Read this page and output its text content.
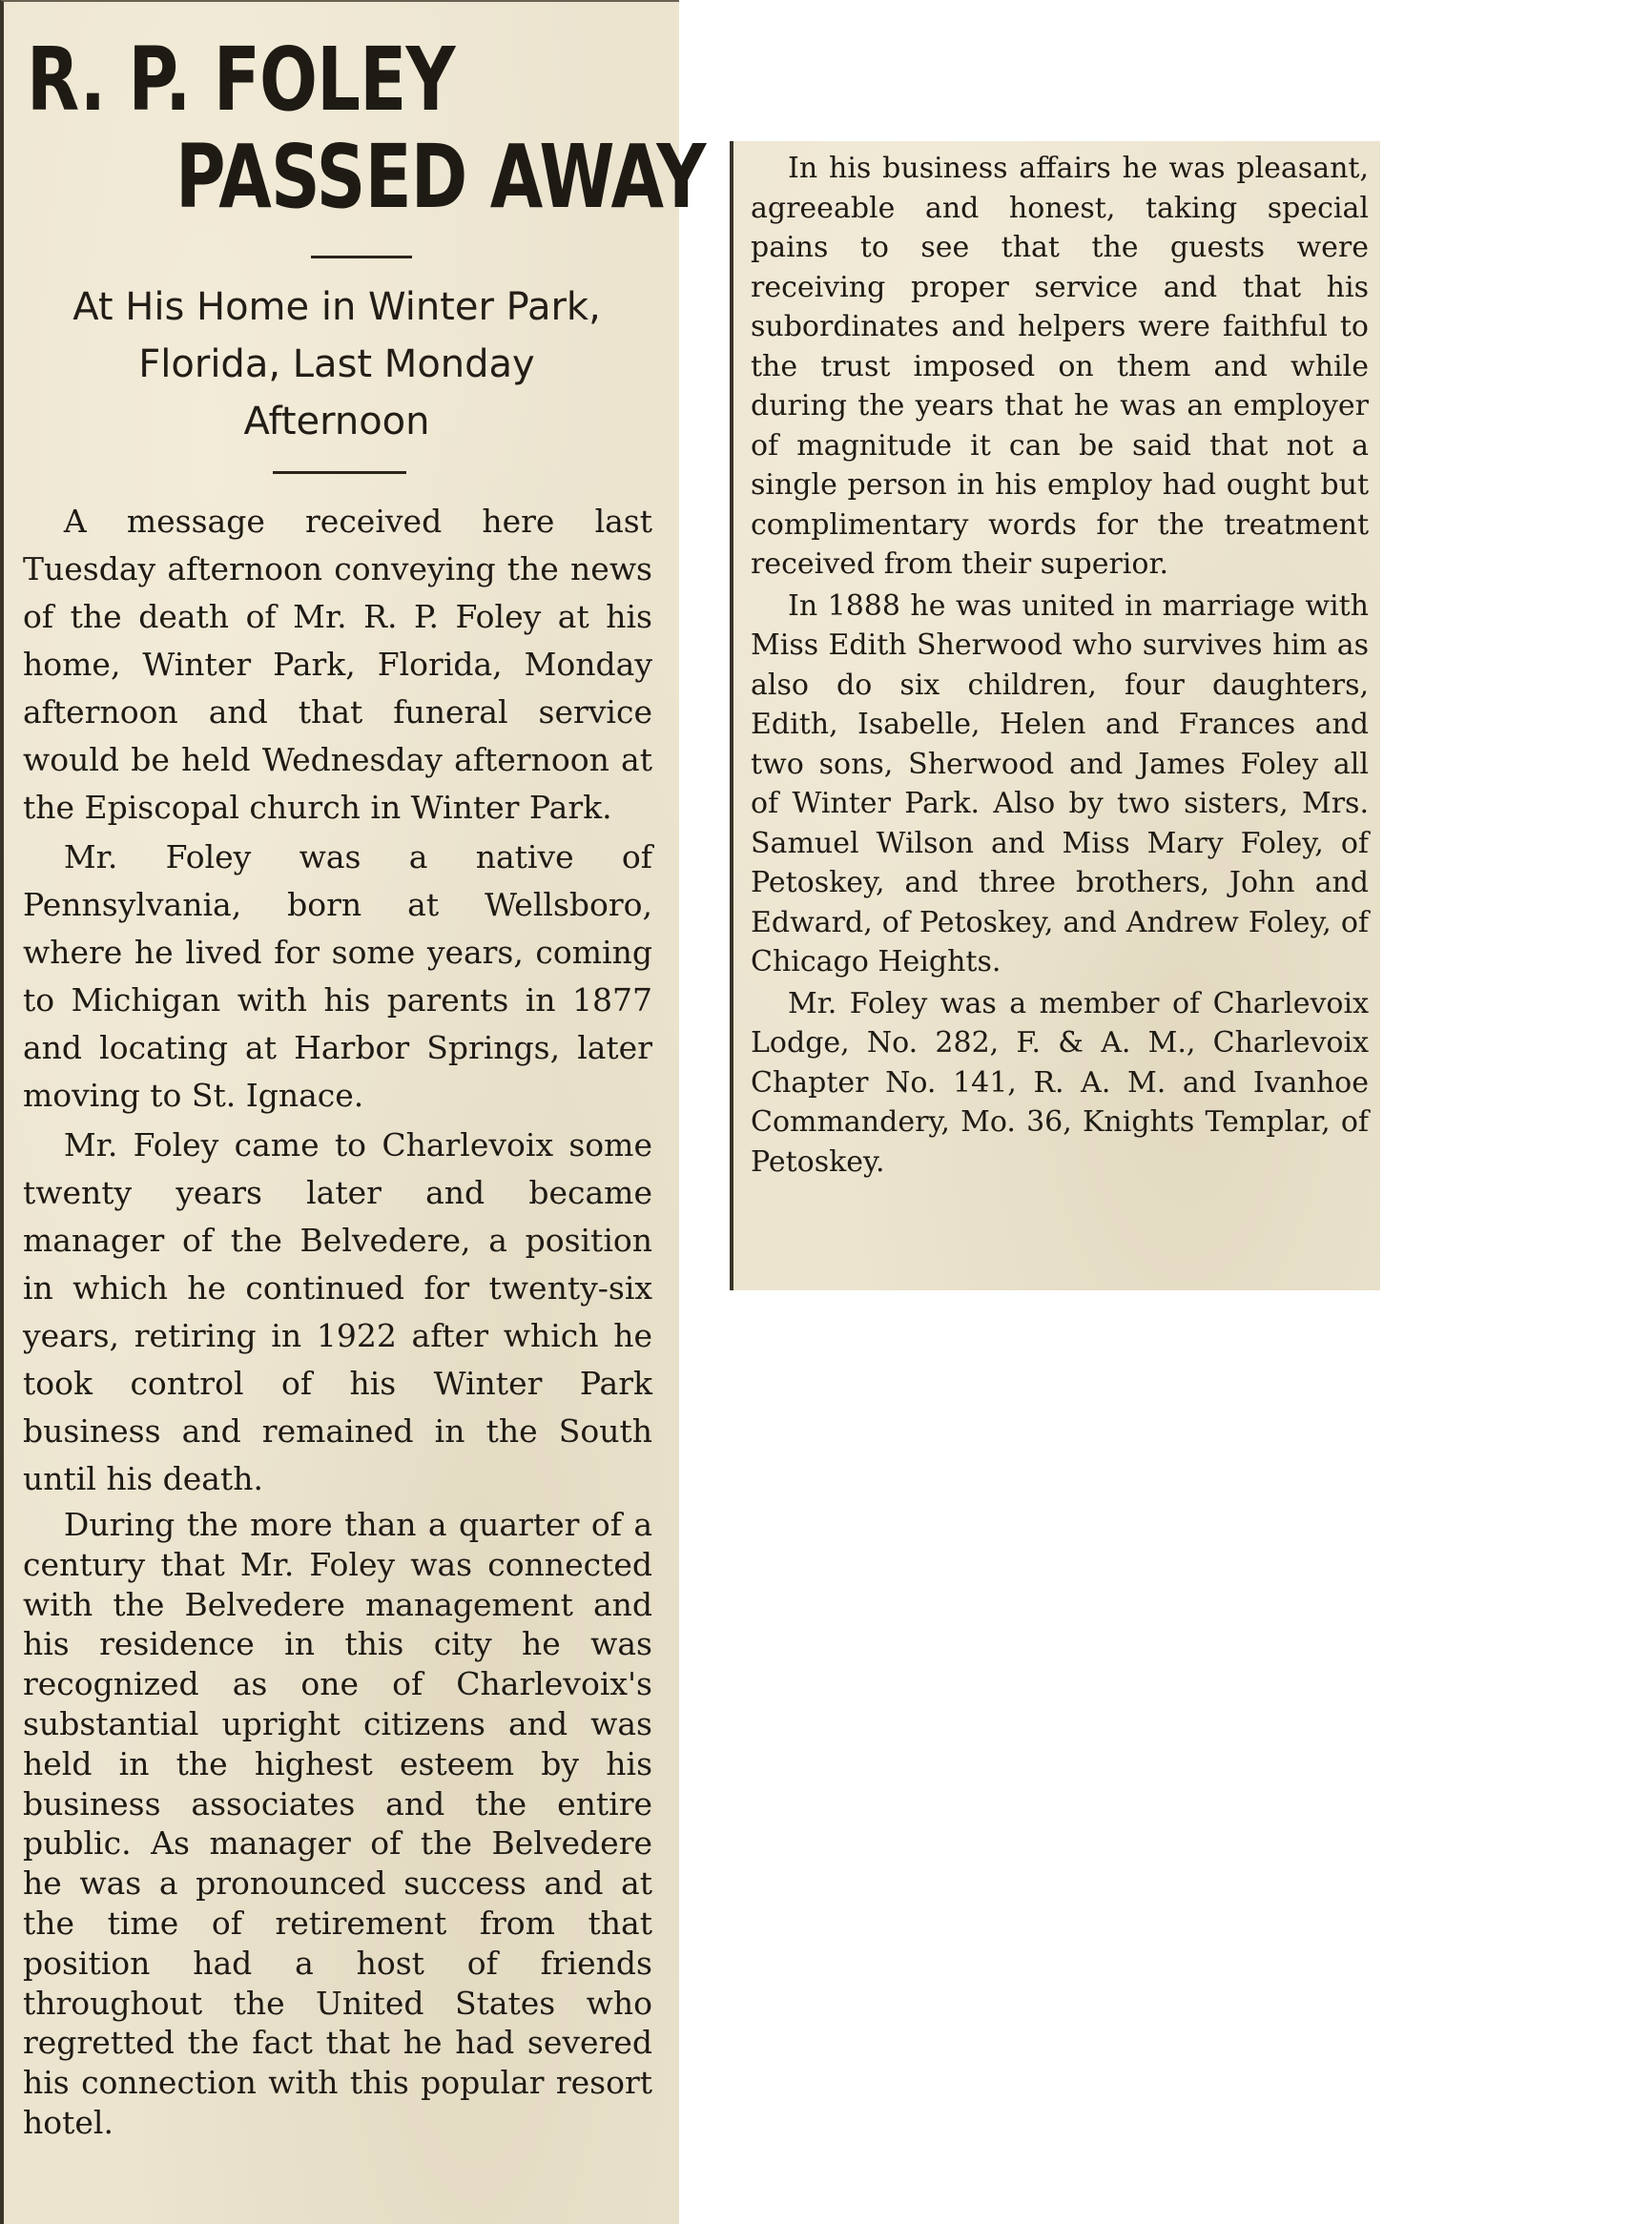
R. P. FOLEY
PASSED AWAY
At His Home in Winter Park,
Florida, Last Monday
Afternoon

A message received here last Tuesday afternoon conveying the news of the death of Mr. R. P. Foley at his home, Winter Park, Florida, Monday afternoon and that funeral service would be held Wednesday afternoon at the Episcopal church in Winter Park.

Mr. Foley was a native of Pennsylvania, born at Wellsboro, where he lived for some years, coming to Michigan with his parents in 1877 and locating at Harbor Springs, later moving to St. Ignace.

Mr. Foley came to Charlevoix some twenty years later and became manager of the Belvedere, a position in which he continued for twenty-six years, retiring in 1922 after which he took control of his Winter Park business and remained in the South until his death.

During the more than a quarter of a century that Mr. Foley was connected with the Belvedere management and his residence in this city he was recognized as one of Charlevoix's substantial upright citizens and was held in the highest esteem by his business associates and the entire public. As manager of the Belvedere he was a pronounced success and at the time of retirement from that position had a host of friends throughout the United States who regretted the fact that he had severed his connection with this popular resort hotel.

In his business affairs he was pleasant, agreeable and honest, taking special pains to see that the guests were receiving proper service and that his subordinates and helpers were faithful to the trust imposed on them and while during the years that he was an employer of magnitude it can be said that not a single person in his employ had ought but complimentary words for the treatment received from their superior.

In 1888 he was united in marriage with Miss Edith Sherwood who survives him as also do six children, four daughters, Edith, Isabelle, Helen and Frances and two sons, Sherwood and James Foley all of Winter Park. Also by two sisters, Mrs. Samuel Wilson and Miss Mary Foley, of Petoskey, and three brothers, John and Edward, of Petoskey, and Andrew Foley, of Chicago Heights.

Mr. Foley was a member of Charlevoix Lodge, No. 282, F. & A. M., Charlevoix Chapter No. 141, R. A. M. and Ivanhoe Commandery, Mo. 36, Knights Templar, of Petoskey.
